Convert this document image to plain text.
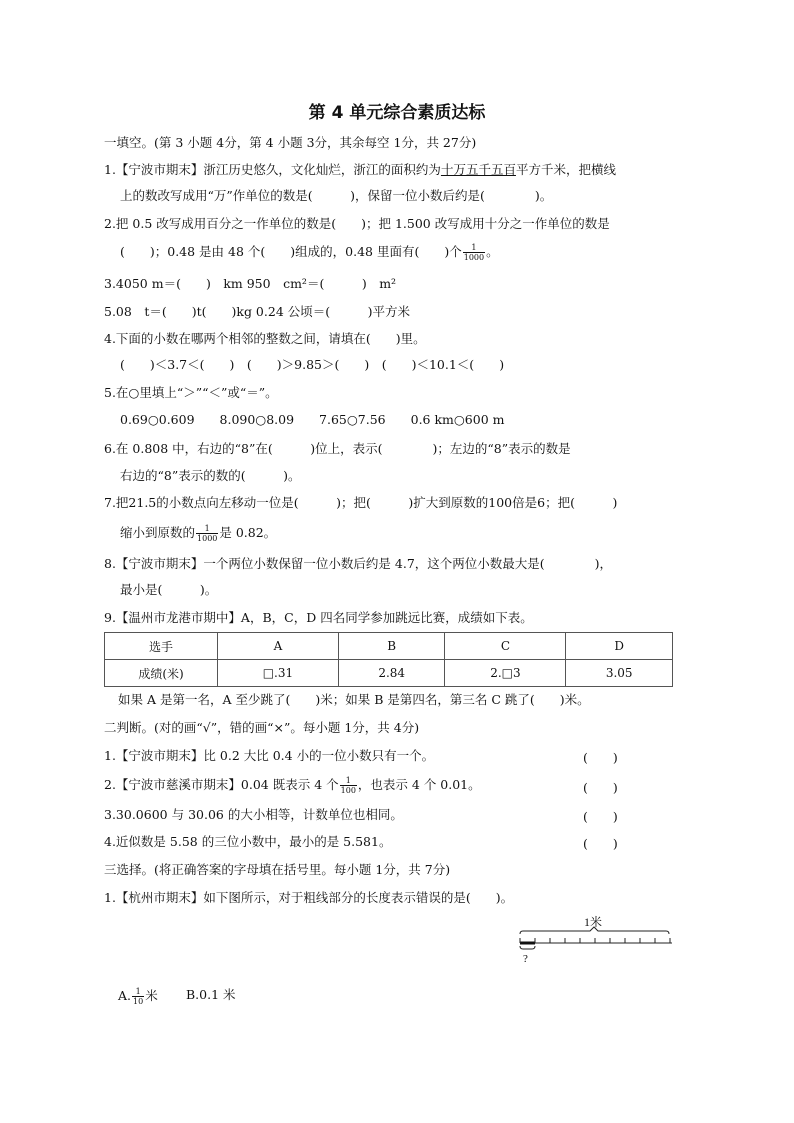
第 4 单元综合素质达标
一填空。(第 3 小题 4分，第 4 小题 3分，其余每空 1分，共 27分)
1.【宁波市期末】浙江历史悠久，文化灿烂，浙江的面积约为十万五千五百平方千米，把横线
上的数改写成用“万”作单位的数是(　　　)，保留一位小数后约是(　　　　)。
2.把 0.5 改写成用百分之一作单位的数是(　　)；把 1.500 改写成用十分之一作单位的数是
(　　)；0.48 是由 48 个(　　)组成的，0.48 里面有(　　)个 $\frac{1}{1000}$ 。
3.4050 m＝(　　)　km 950　cm²＝(　　　)　m²
5.08　t＝(　　)t(　　)kg 0.24 公顷＝(　　　)平方米
4.下面的小数在哪两个相邻的整数之间，请填在(　　)里。
(　　)＜3.7＜(　　)　(　　)＞9.85＞(　　)　(　　)＜10.1＜(　　)
5.在○里填上“＞”“＜”或“＝”。
0.69○0.609　　8.090○8.09　　7.65○7.56　　0.6 km○600 m
6.在 0.808 中，右边的“8”在(　　　)位上，表示(　　　　)；左边的“8”表示的数是
右边的“8”表示的数的(　　　)。
7.把21.5的小数点向左移动一位是(　　　)；把(　　　)扩大到原数的100倍是6；把(　　　)
缩小到原数的 $\frac{1}{1000}$ 是 0.82。
8.【宁波市期末】一个两位小数保留一位小数后约是 4.7，这个两位小数最大是(　　　　)，
最小是(　　　)。
9.【温州市龙港市期中】A，B，C，D 四名同学参加跳远比赛，成绩如下表。
选手	A	B	C	D
成绩(米)	□.31	2.84	2.□3	3.05
如果 A 是第一名，A 至少跳了(　　)米；如果 B 是第四名，第三名 C 跳了(　　)米。
二判断。(对的画“√”，错的画“×”。每小题 1分，共 4分)
1.【宁波市期末】比 0.2 大比 0.4 小的一位小数只有一个。	(　　)
2.【宁波市慈溪市期末】0.04 既表示 4 个 $\frac{1}{100}$ ，也表示 4 个 0.01。	(　　)
3.30.0600 与 30.06 的大小相等，计数单位也相同。	(　　)
4.近似数是 5.58 的三位小数中，最小的是 5.581。	(　　)
三选择。(将正确答案的字母填在括号里。每小题 1分，共 7分)
1.【杭州市期末】如下图所示，对于粗线部分的长度表示错误的是(　　)。
1米
?
A. $\frac{1}{10}$ 米 B.0.1 米
